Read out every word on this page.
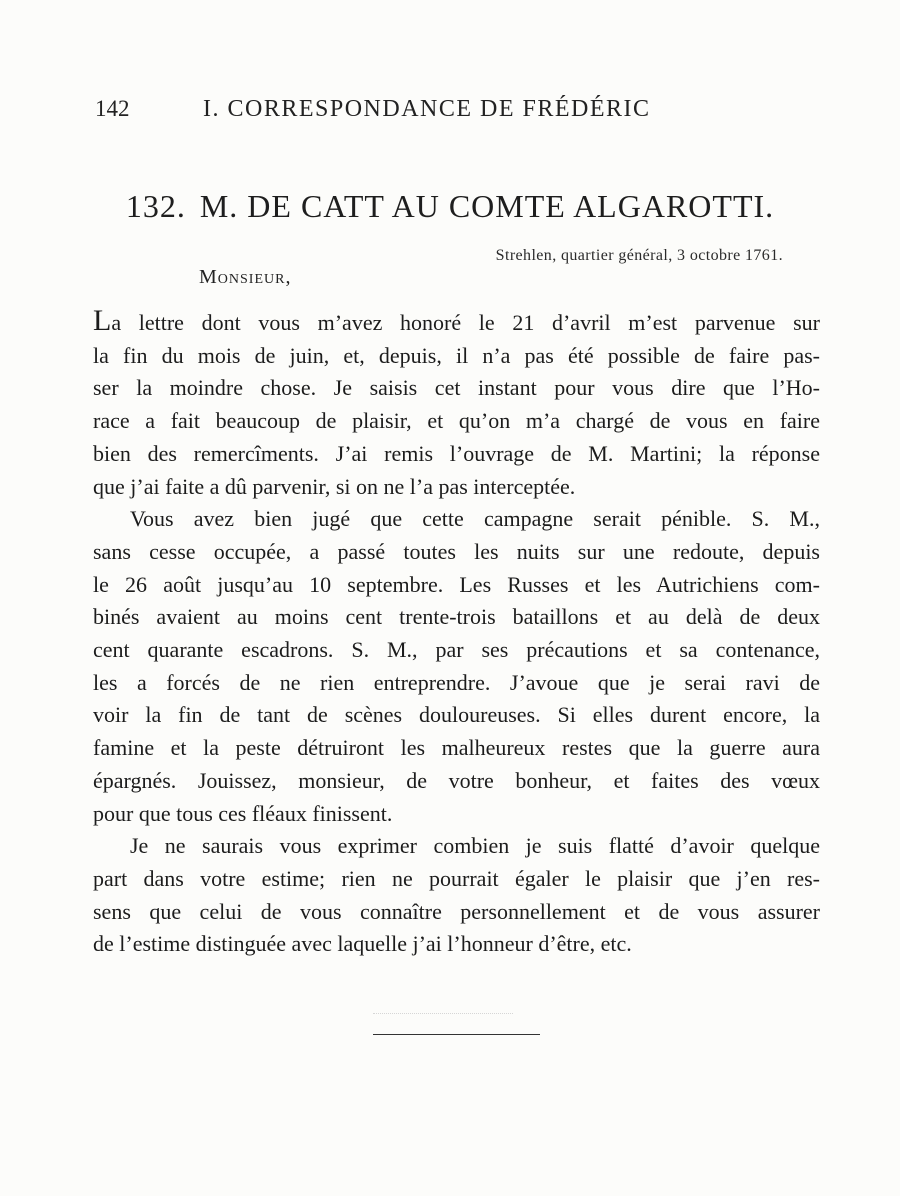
142	I. CORRESPONDANCE DE FRÉDÉRIC
132. M. DE CATT AU COMTE ALGAROTTI.
Strehlen, quartier général, 3 octobre 1761.
Monsieur,

La lettre dont vous m’avez honoré le 21 d’avril m’est parvenue sur
la fin du mois de juin, et, depuis, il n’a pas été possible de faire pas-
ser la moindre chose. Je saisis cet instant pour vous dire que l’Ho-
race a fait beaucoup de plaisir, et qu’on m’a chargé de vous en faire
bien des remercîments. J’ai remis l’ouvrage de M. Martini; la réponse
que j’ai faite a dû parvenir, si on ne l’a pas interceptée.

Vous avez bien jugé que cette campagne serait pénible. S. M.,
sans cesse occupée, a passé toutes les nuits sur une redoute, depuis
le 26 août jusqu’au 10 septembre. Les Russes et les Autrichiens com-
binés avaient au moins cent trente-trois bataillons et au delà de deux
cent quarante escadrons. S. M., par ses précautions et sa contenance,
les a forcés de ne rien entreprendre. J’avoue que je serai ravi de
voir la fin de tant de scènes douloureuses. Si elles durent encore, la
famine et la peste détruiront les malheureux restes que la guerre aura
épargnés. Jouissez, monsieur, de votre bonheur, et faites des vœux
pour que tous ces fléaux finissent.

Je ne saurais vous exprimer combien je suis flatté d’avoir quelque
part dans votre estime; rien ne pourrait égaler le plaisir que j’en res-
sens que celui de vous connaître personnellement et de vous assurer
de l’estime distinguée avec laquelle j’ai l’honneur d’être, etc.
